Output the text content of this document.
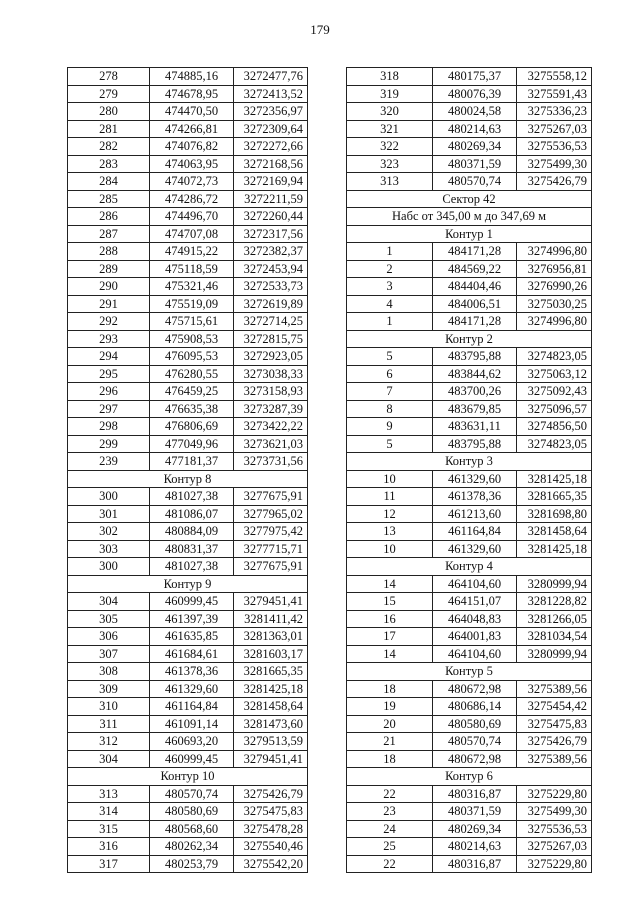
179
278	474885,16	3272477,76
279	474678,95	3272413,52
280	474470,50	3272356,97
281	474266,81	3272309,64
282	474076,82	3272272,66
283	474063,95	3272168,56
284	474072,73	3272169,94
285	474286,72	3272211,59
286	474496,70	3272260,44
287	474707,08	3272317,56
288	474915,22	3272382,37
289	475118,59	3272453,94
290	475321,46	3272533,73
291	475519,09	3272619,89
292	475715,61	3272714,25
293	475908,53	3272815,75
294	476095,53	3272923,05
295	476280,55	3273038,33
296	476459,25	3273158,93
297	476635,38	3273287,39
298	476806,69	3273422,22
299	477049,96	3273621,03
239	477181,37	3273731,56
Контур 8		
300	481027,38	3277675,91
301	481086,07	3277965,02
302	480884,09	3277975,42
303	480831,37	3277715,71
300	481027,38	3277675,91
Контур 9		
304	460999,45	3279451,41
305	461397,39	3281411,42
306	461635,85	3281363,01
307	461684,61	3281603,17
308	461378,36	3281665,35
309	461329,60	3281425,18
310	461164,84	3281458,64
311	461091,14	3281473,60
312	460693,20	3279513,59
304	460999,45	3279451,41
Контур 10		
313	480570,74	3275426,79
314	480580,69	3275475,83
315	480568,60	3275478,28
316	480262,34	3275540,46
317	480253,79	3275542,20
318	480175,37	3275558,12
319	480076,39	3275591,43
320	480024,58	3275336,23
321	480214,63	3275267,03
322	480269,34	3275536,53
323	480371,59	3275499,30
313	480570,74	3275426,79
Сектор 42		
Набс от 345,00 м до 347,69 м		
Контур 1		
1	484171,28	3274996,80
2	484569,22	3276956,81
3	484404,46	3276990,26
4	484006,51	3275030,25
1	484171,28	3274996,80
Контур 2		
5	483795,88	3274823,05
6	483844,62	3275063,12
7	483700,26	3275092,43
8	483679,85	3275096,57
9	483631,11	3274856,50
5	483795,88	3274823,05
Контур 3		
10	461329,60	3281425,18
11	461378,36	3281665,35
12	461213,60	3281698,80
13	461164,84	3281458,64
10	461329,60	3281425,18
Контур 4		
14	464104,60	3280999,94
15	464151,07	3281228,82
16	464048,83	3281266,05
17	464001,83	3281034,54
14	464104,60	3280999,94
Контур 5		
18	480672,98	3275389,56
19	480686,14	3275454,42
20	480580,69	3275475,83
21	480570,74	3275426,79
18	480672,98	3275389,56
Контур 6		
22	480316,87	3275229,80
23	480371,59	3275499,30
24	480269,34	3275536,53
25	480214,63	3275267,03
22	480316,87	3275229,80
